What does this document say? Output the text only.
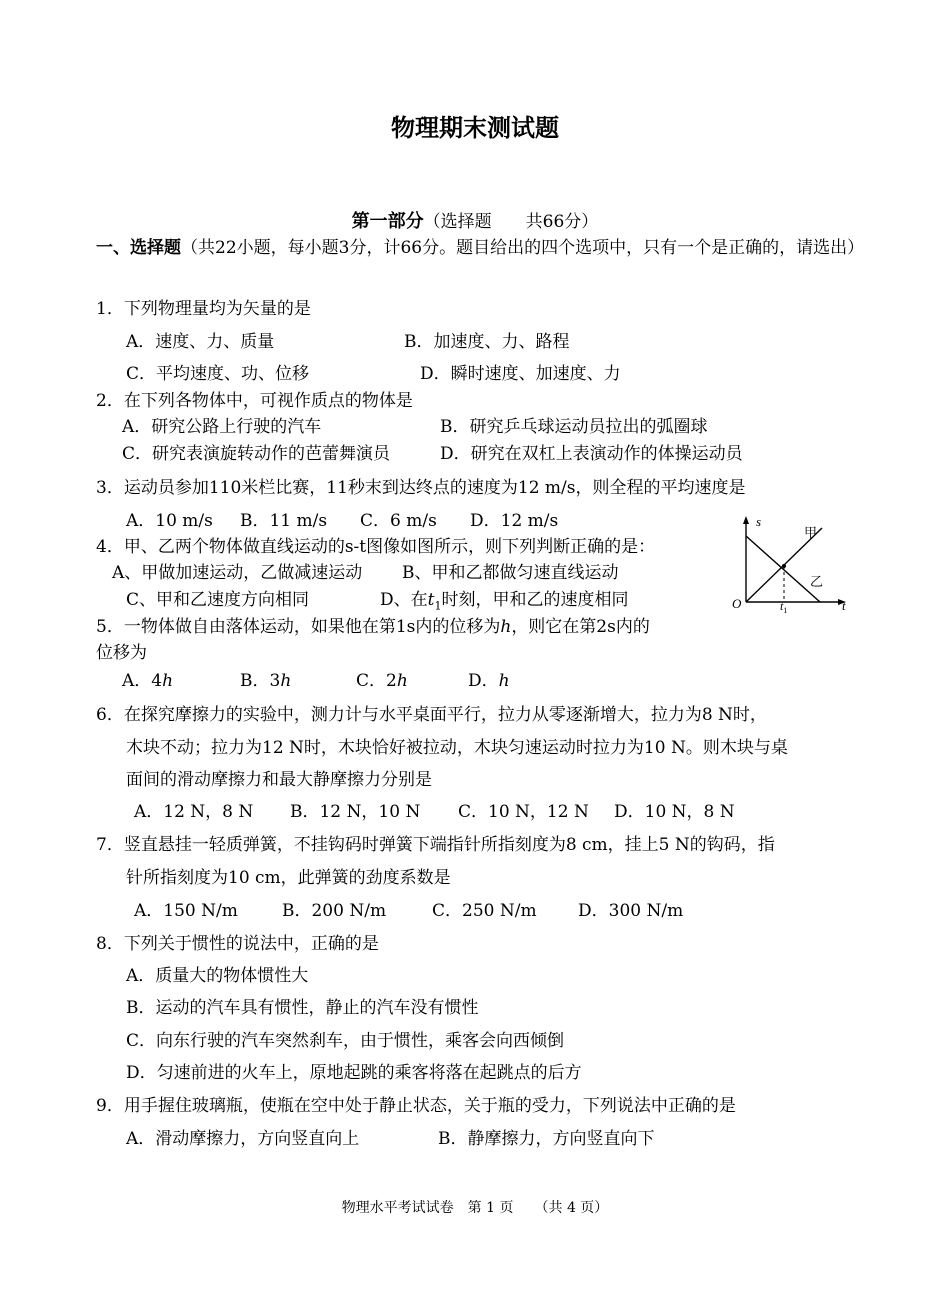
物理期末测试题
第一部分（选择题　　共66分）
一、选择题（共22小题，每小题3分，计66分。题目给出的四个选项中，只有一个是正确的，请选出）
1．下列物理量均为矢量的是
A．速度、力、质量	B．加速度、力、路程
C．平均速度、功、位移	D．瞬时速度、加速度、力
2．在下列各物体中，可视作质点的物体是
A．研究公路上行驶的汽车	B．研究乒乓球运动员拉出的弧圈球
C．研究表演旋转动作的芭蕾舞演员	D．研究在双杠上表演动作的体操运动员
3．运动员参加110米栏比赛，11秒末到达终点的速度为12 m/s，则全程的平均速度是
A．10 m/s B．11 m/s C．6 m/s D．12 m/s
4．甲、乙两个物体做直线运动的s-t图像如图所示，则下列判断正确的是：
A、甲做加速运动，乙做减速运动 B、甲和乙都做匀速直线运动
C、甲和乙速度方向相同	D、在$t_1$时刻，甲和乙的速度相同
s
t
O
甲
乙
$t_1$
5．一物体做自由落体运动，如果他在第1s内的位移为h，则它在第2s内的
位移为
A．4h	B．3h	C．2h	D．h
6．在探究摩擦力的实验中，测力计与水平桌面平行，拉力从零逐渐增大，拉力为8 N时，
木块不动；拉力为12 N时，木块恰好被拉动，木块匀速运动时拉力为10 N。则木块与桌
面间的滑动摩擦力和最大静摩擦力分别是
A．12 N，8 N B．12 N，10 N C．10 N，12 N D．10 N，8 N
7．竖直悬挂一轻质弹簧，不挂钩码时弹簧下端指针所指刻度为8 cm，挂上5 N的钩码，指
针所指刻度为10 cm，此弹簧的劲度系数是
A．150 N/m	B．200 N/m	C．250 N/m D．300 N/m
8．下列关于惯性的说法中，正确的是
A．质量大的物体惯性大
B．运动的汽车具有惯性，静止的汽车没有惯性
C．向东行驶的汽车突然刹车，由于惯性，乘客会向西倾倒
D．匀速前进的火车上，原地起跳的乘客将落在起跳点的后方
9．用手握住玻璃瓶，使瓶在空中处于静止状态，关于瓶的受力，下列说法中正确的是
A．滑动摩擦力，方向竖直向上	B．静摩擦力，方向竖直向下
物理水平考试试卷　第 1 页　　（共 4 页）
